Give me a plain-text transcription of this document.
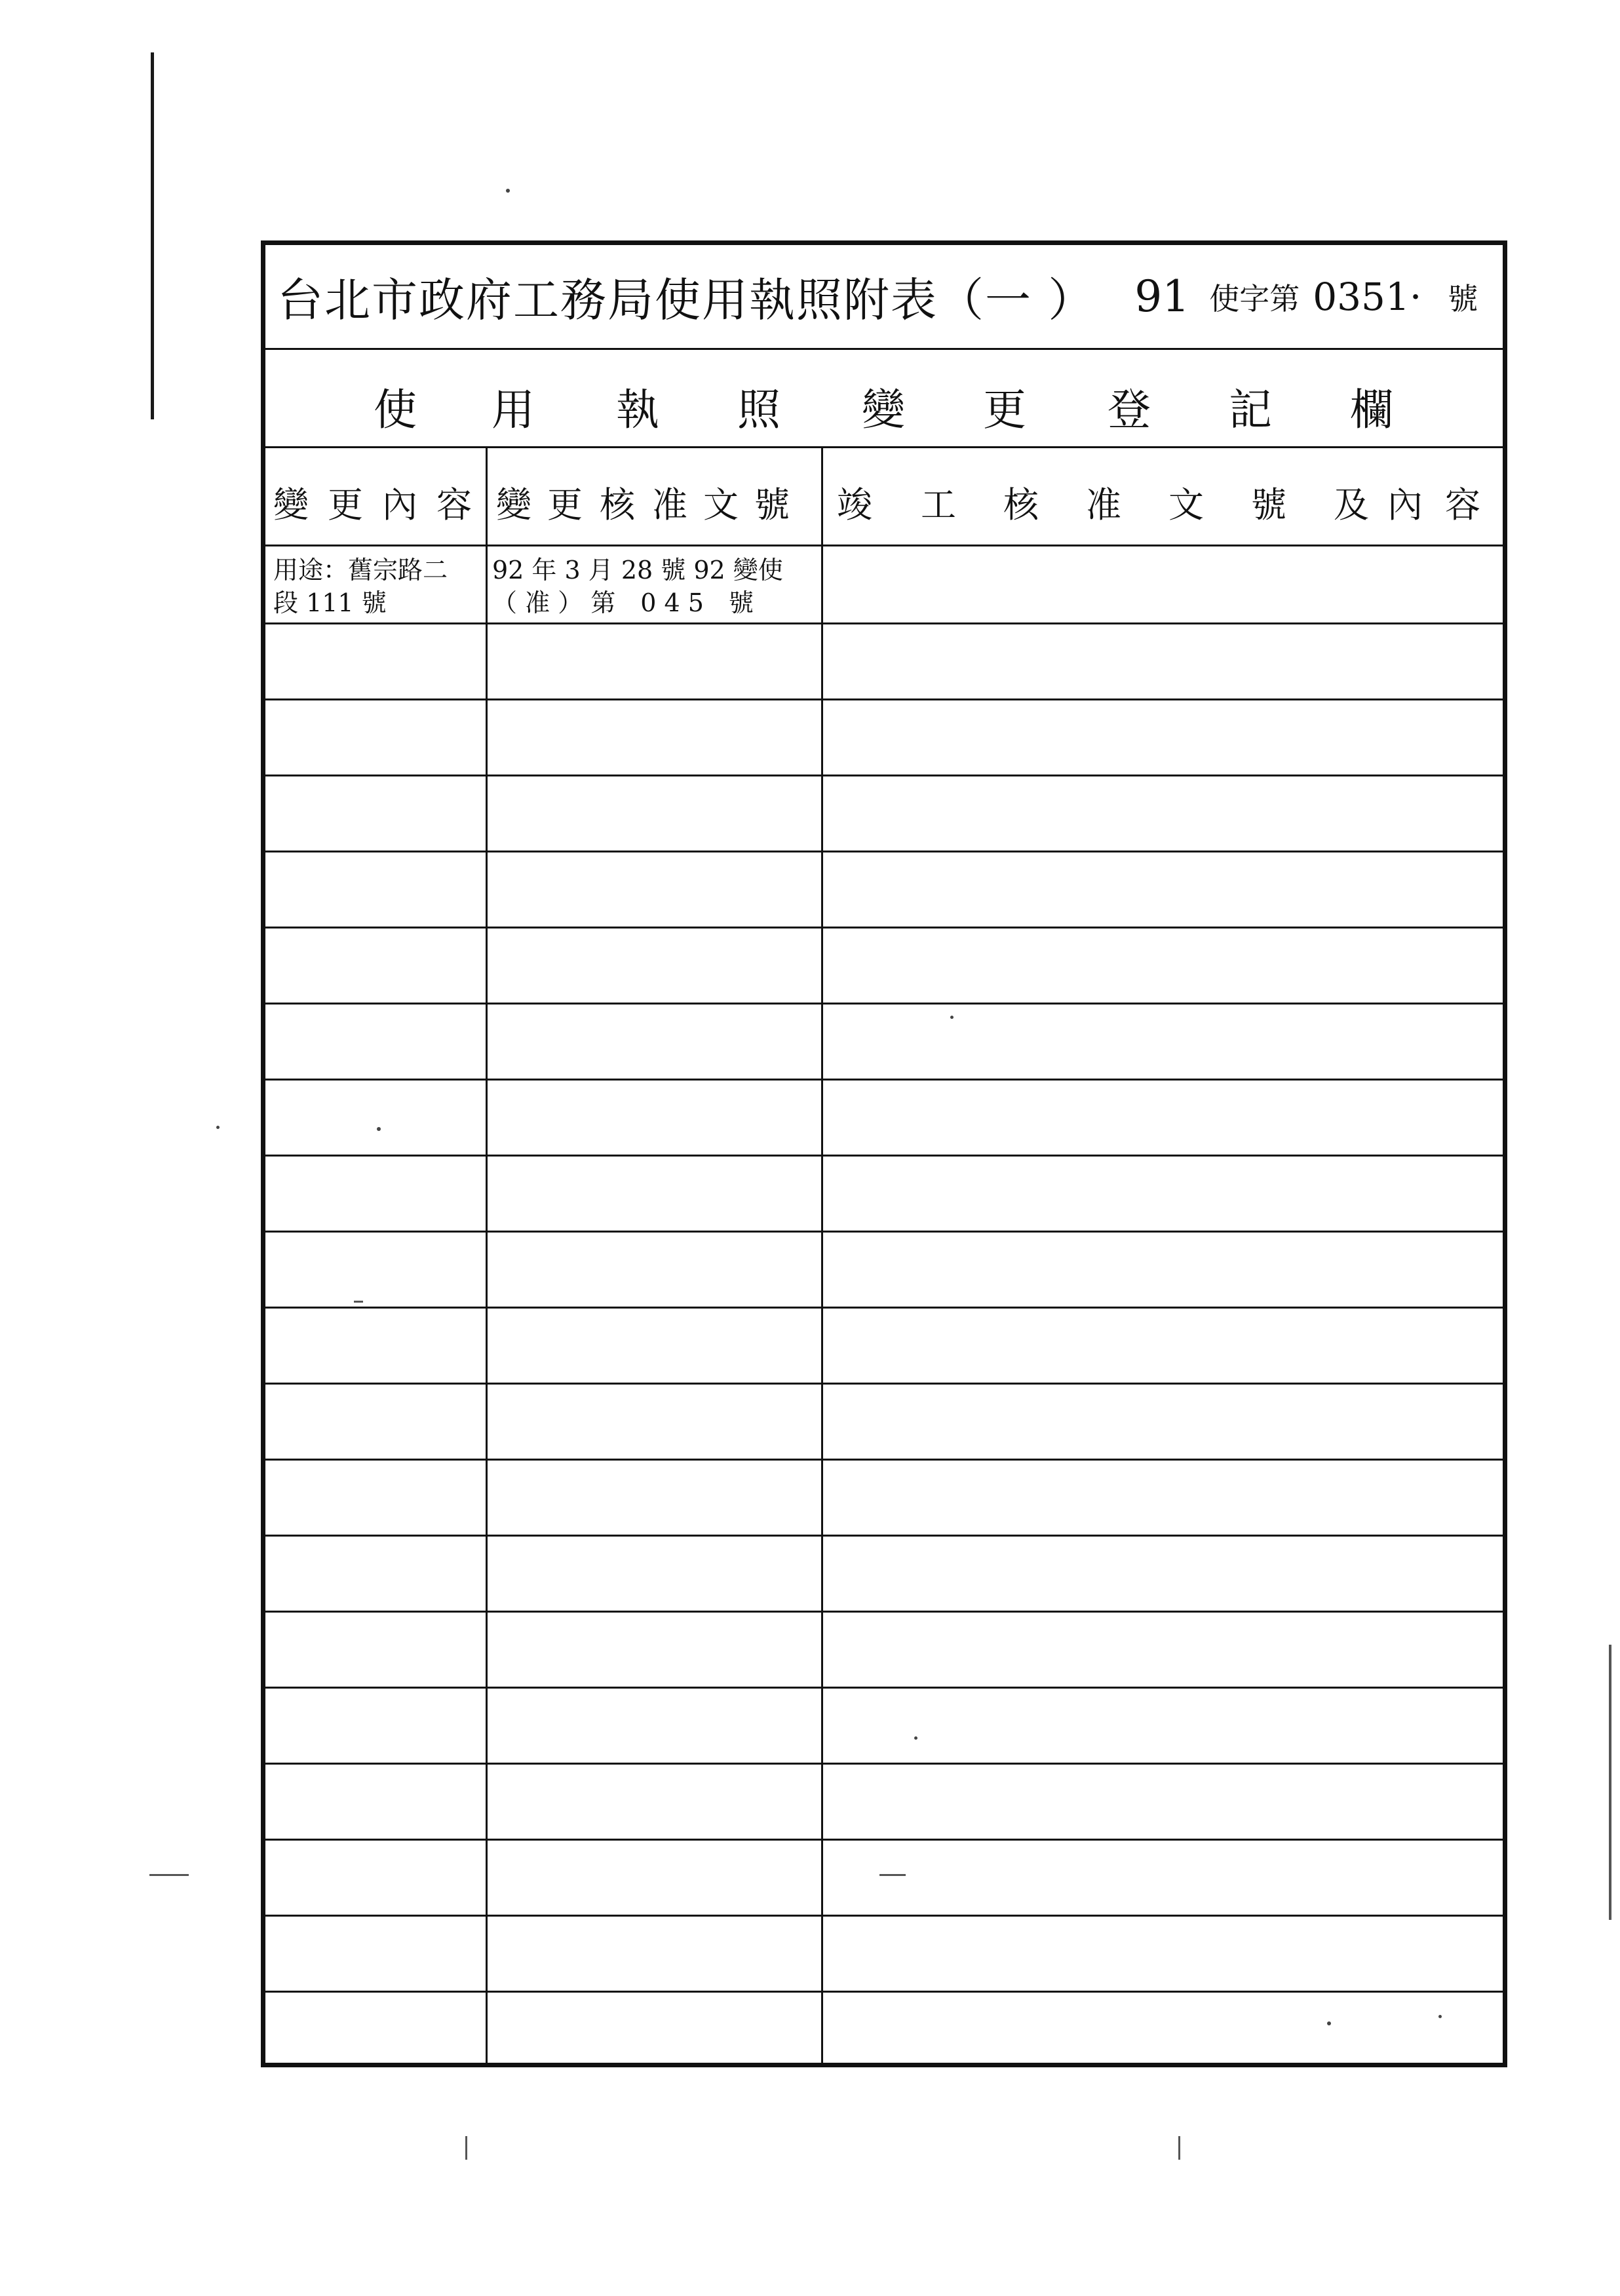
台北市政府工務局使用執照附表（一 ） 91 使字第 0351· 號
使 用 執 照 變 更 登 記 欄
變 更 內 容 變 更 核 准 文 號 竣 工 核 准 文 號 及 內 容
用途：舊宗路二
段 111 號
92 年 3 月 28 號 92 變使
（ 准 ） 第　0 4 5　號
